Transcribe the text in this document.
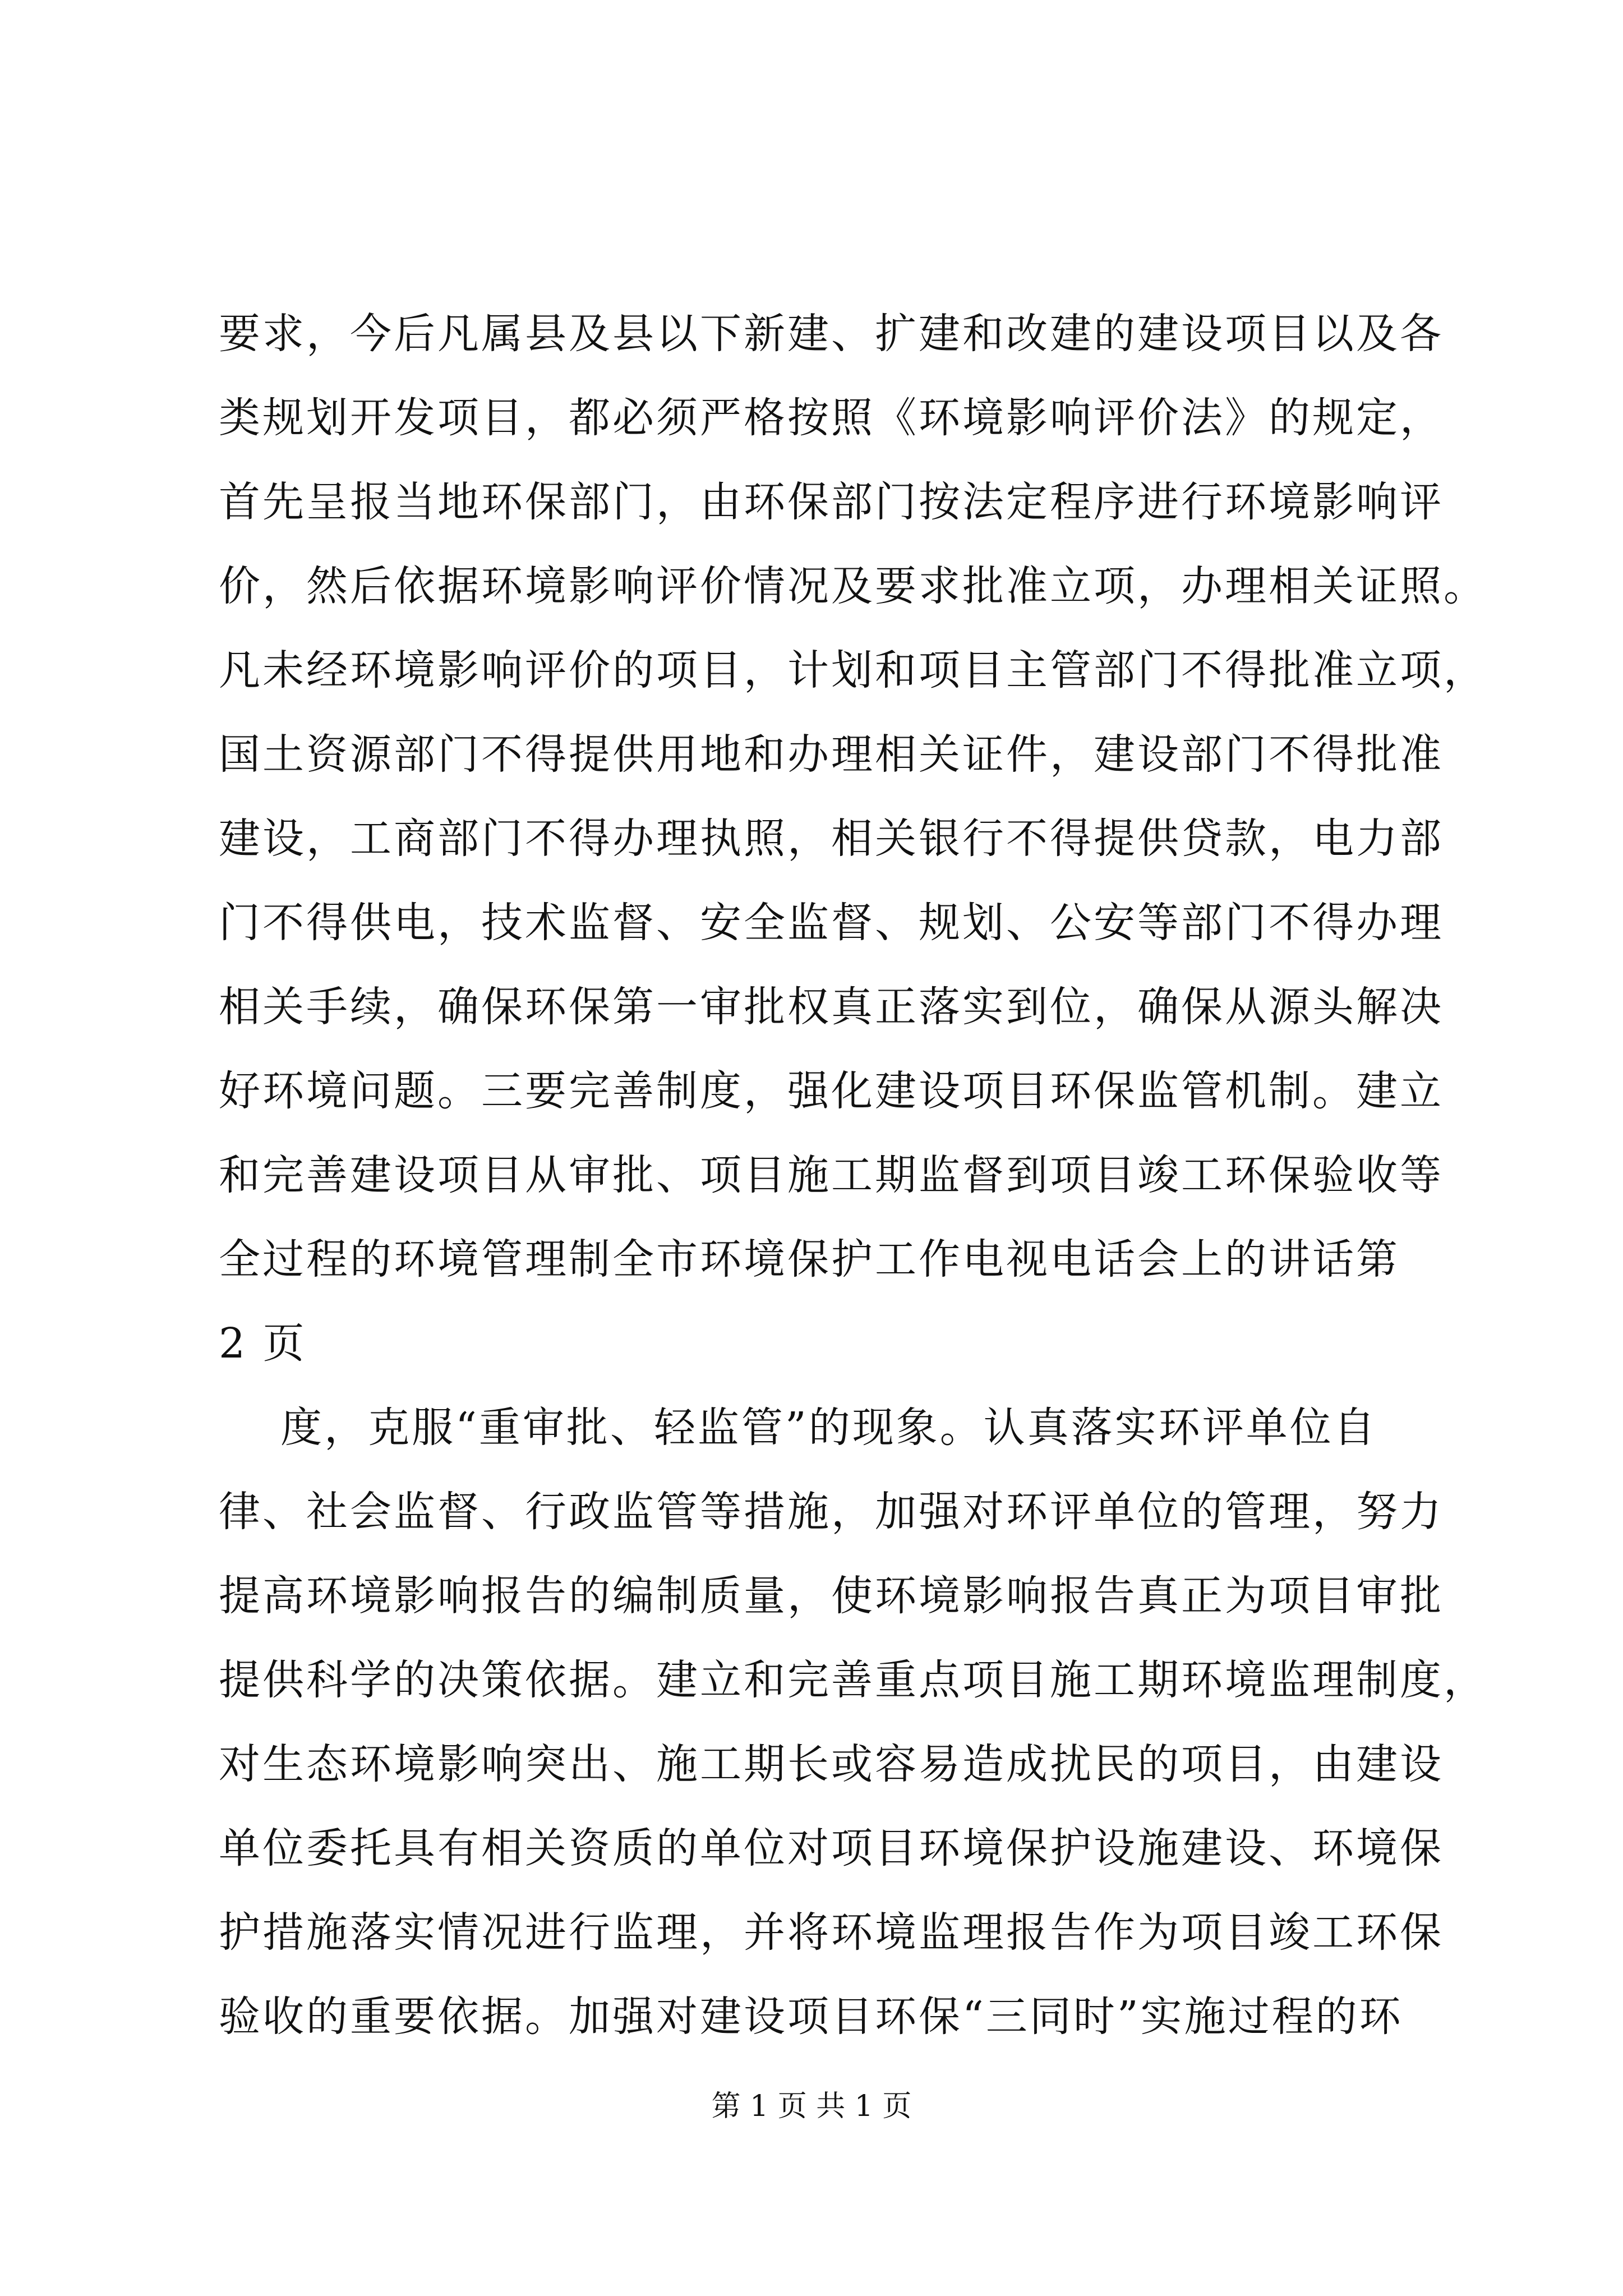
要求，今后凡属县及县以下新建、扩建和改建的建设项目以及各
类规划开发项目，都必须严格按照《环境影响评价法》的规定，
首先呈报当地环保部门，由环保部门按法定程序进行环境影响评
价，然后依据环境影响评价情况及要求批准立项，办理相关证照。
凡未经环境影响评价的项目，计划和项目主管部门不得批准立项，
国土资源部门不得提供用地和办理相关证件，建设部门不得批准
建设，工商部门不得办理执照，相关银行不得提供贷款，电力部
门不得供电，技术监督、安全监督、规划、公安等部门不得办理
相关手续，确保环保第一审批权真正落实到位，确保从源头解决
好环境问题。三要完善制度，强化建设项目环保监管机制。建立
和完善建设项目从审批、项目施工期监督到项目竣工环保验收等
全过程的环境管理制全市环境保护工作电视电话会上的讲话第
2 页
度，克服“重审批、轻监管”的现象。认真落实环评单位自
律、社会监督、行政监管等措施，加强对环评单位的管理，努力
提高环境影响报告的编制质量，使环境影响报告真正为项目审批
提供科学的决策依据。建立和完善重点项目施工期环境监理制度，
对生态环境影响突出、施工期长或容易造成扰民的项目，由建设
单位委托具有相关资质的单位对项目环境保护设施建设、环境保
护措施落实情况进行监理，并将环境监理报告作为项目竣工环保
验收的重要依据。加强对建设项目环保“三同时”实施过程的环
第 1 页 共 1 页
